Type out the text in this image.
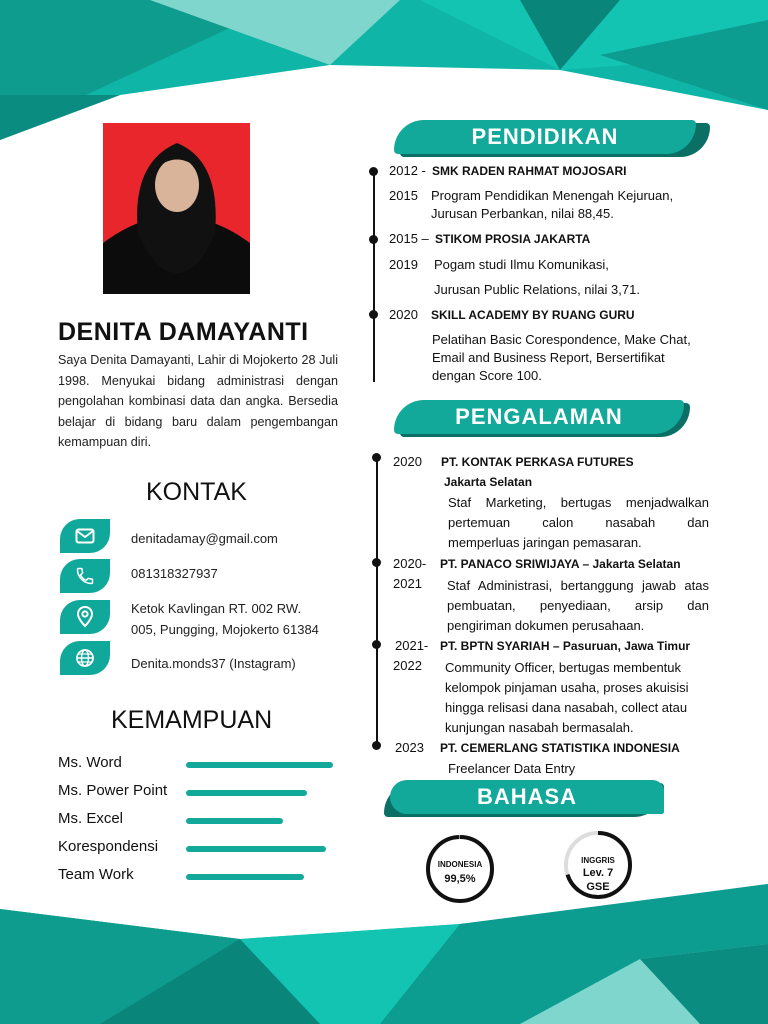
DENITA DAMAYANTI
Saya Denita Damayanti, Lahir di Mojokerto 28 Juli 1998. Menyukai bidang administrasi dengan pengolahan kombinasi data dan angka. Bersedia belajar di bidang baru dalam pengembangan kemampuan diri.
KONTAK
denitadamay@gmail.com
081318327937
Ketok Kavlingan RT. 002 RW.
005, Pungging, Mojokerto 61384
Denita.monds37 (Instagram)
KEMAMPUAN
Ms. Word
Ms. Power Point
Ms. Excel
Korespondensi
Team Work
PENDIDIKAN
2012 - SMK RADEN RAHMAT MOJOSARI
2015 Program Pendidikan Menengah Kejuruan,
Jurusan Perbankan, nilai 88,45.
2015 – STIKOM PROSIA JAKARTA
2019 Pogam studi Ilmu Komunikasi,
Jurusan Public Relations, nilai 3,71.
2020 SKILL ACADEMY BY RUANG GURU
Pelatihan Basic Corespondence, Make Chat,
Email and Business Report, Bersertifikat
dengan Score 100.
PENGALAMAN
2020 PT. KONTAK PERKASA FUTURES
Jakarta Selatan
Staf Marketing, bertugas menjadwalkan
pertemuan calon nasabah dan
memperluas jaringan pemasaran.
2020-
2021
PT. PANACO SRIWIJAYA – Jakarta Selatan
Staf Administrasi, bertanggung jawab atas
pembuatan, penyediaan, arsip dan
pengiriman dokumen perusahaan.
2021-
2022
PT. BPTN SYARIAH – Pasuruan, Jawa Timur
Community Officer, bertugas membentuk
kelompok pinjaman usaha, proses akuisisi
hingga relisasi dana nasabah, collect atau
kunjungan nasabah bermasalah.
2023 PT. CEMERLANG STATISTIKA INDONESIA
Freelancer Data Entry
BAHASA
INDONESIA
99,5%
INGGRIS
Lev. 7
GSE
